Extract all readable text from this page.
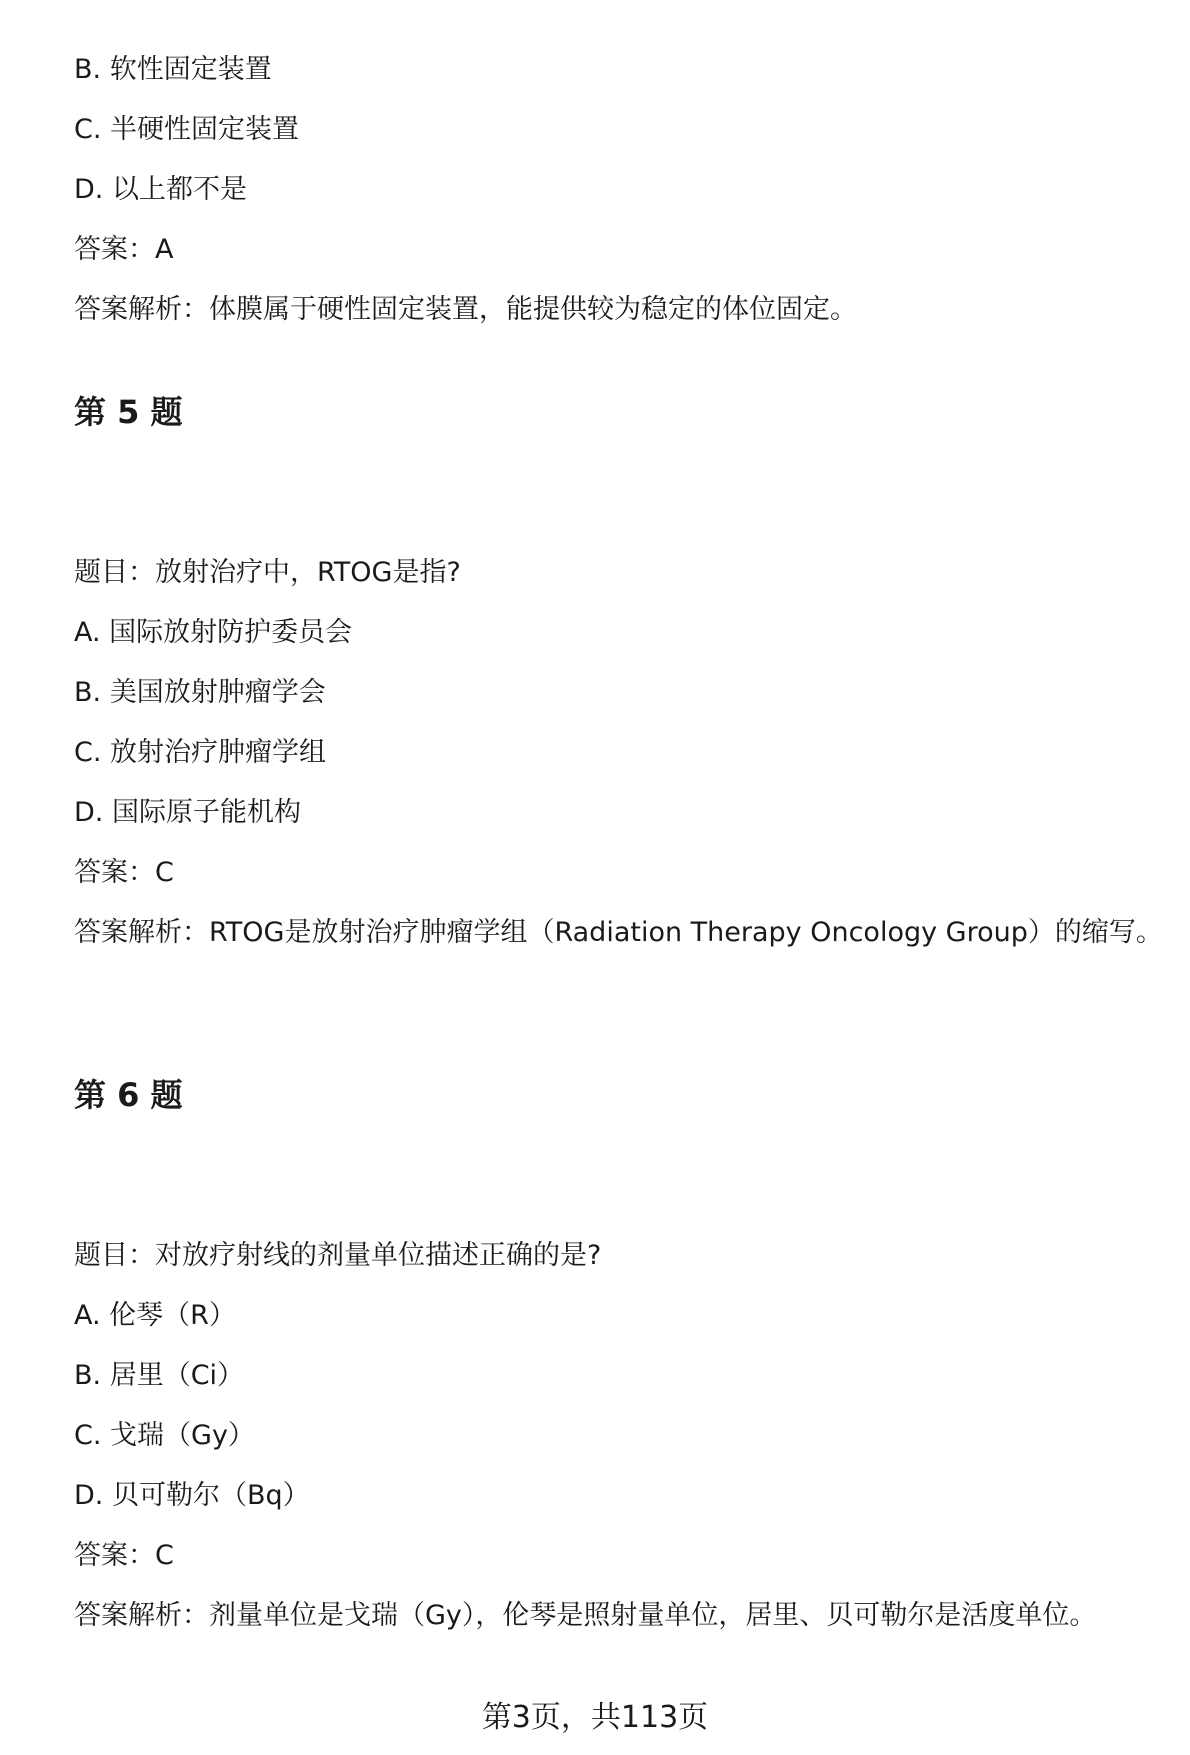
B. 软性固定装置
C. 半硬性固定装置
D. 以上都不是
答案：A
答案解析：体膜属于硬性固定装置，能提供较为稳定的体位固定。
第 5 题
题目：放射治疗中，RTOG是指?
A. 国际放射防护委员会
B. 美国放射肿瘤学会
C. 放射治疗肿瘤学组
D. 国际原子能机构
答案：C
答案解析：RTOG是放射治疗肿瘤学组（Radiation Therapy Oncology Group）的缩写。
第 6 题
题目：对放疗射线的剂量单位描述正确的是?
A. 伦琴（R）
B. 居里（Ci）
C. 戈瑞（Gy）
D. 贝可勒尔（Bq）
答案：C
答案解析：剂量单位是戈瑞（Gy），伦琴是照射量单位，居里、贝可勒尔是活度单位。
第3页，共113页
